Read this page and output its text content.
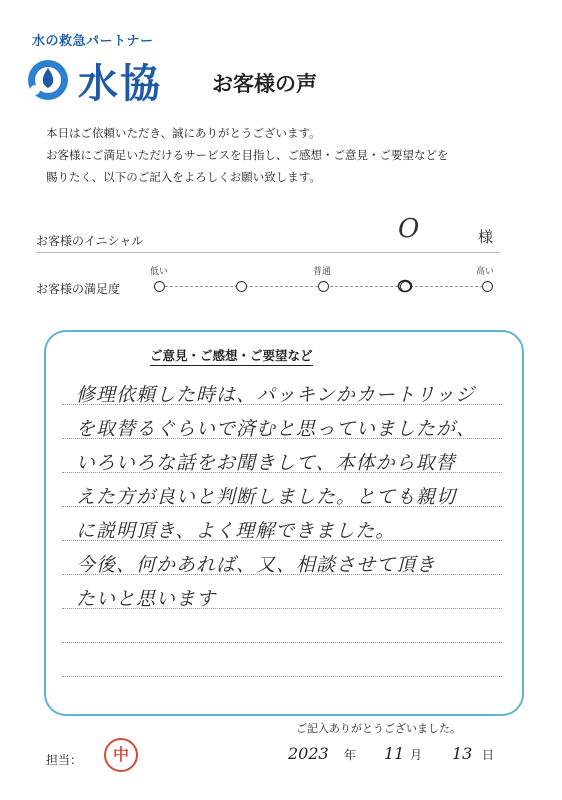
水の救急パートナー
水協 お客様の声
本日はご依頼いただき、誠にありがとうございます。
お客様にご満足いただけるサービスを目指し、ご感想・ご意見・ご要望などを
賜りたく、以下のご記入をよろしくお願い致します。
お客様のイニシャル	O	様
低い	普通	高い
お客様の満足度
ご意見・ご感想・ご要望など
修理依頼した時は、パッキンかカートリッジ
を取替るぐらいで済むと思っていましたが、
いろいろな話をお聞きして、本体から取替
えた方が良いと判断しました。とても親切
に説明頂き、よく理解できました。
今後、何かあれば、又、相談させて頂き
たいと思います
ご記入ありがとうございました。
担当：	中	2023 年 11 月 13 日
